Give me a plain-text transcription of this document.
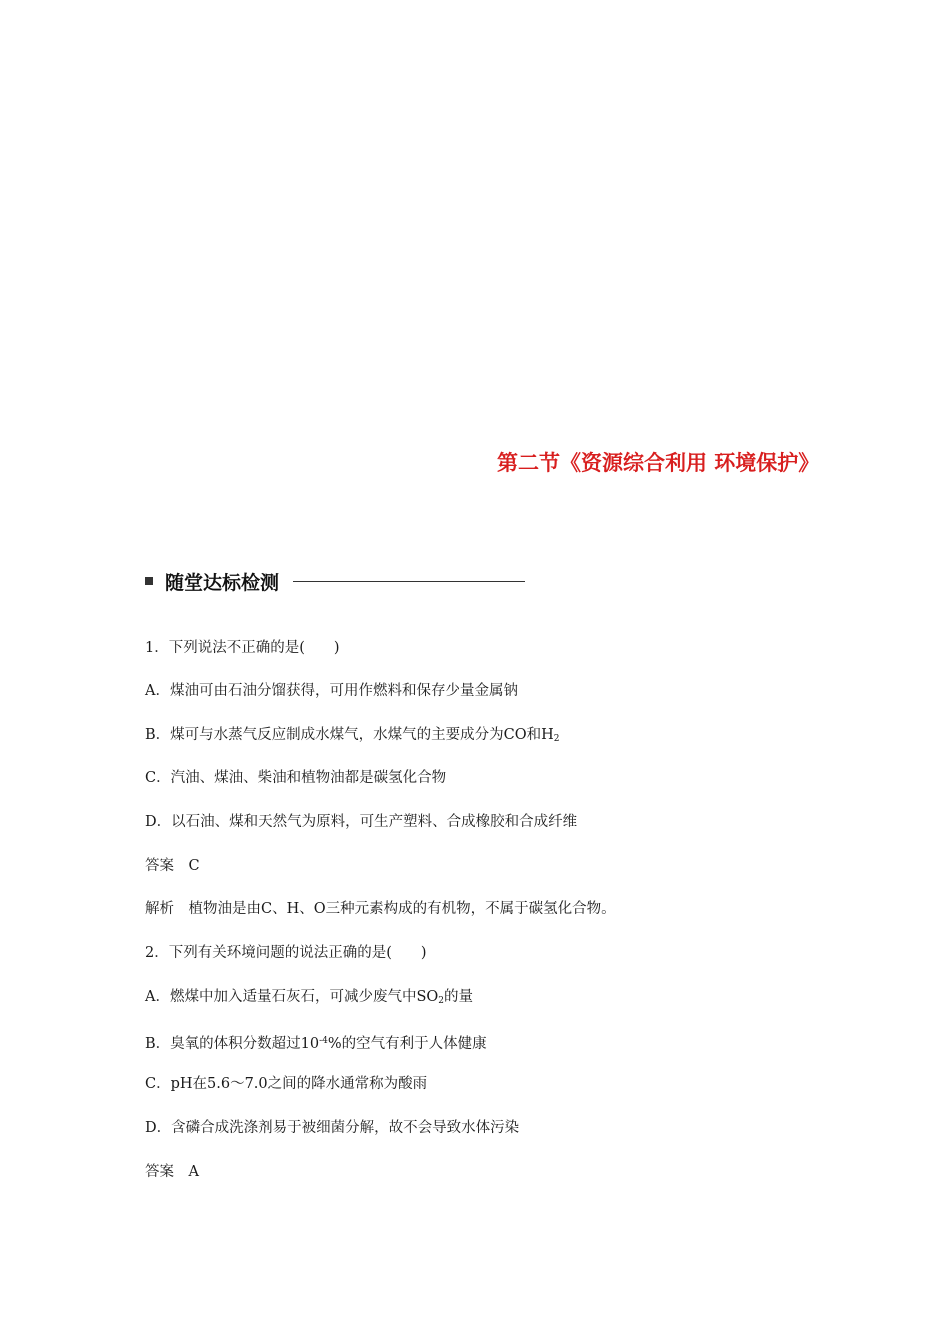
第二节《资源综合利用 环境保护》

随堂达标检测
1．下列说法不正确的是(　　)
A．煤油可由石油分馏获得，可用作燃料和保存少量金属钠
B．煤可与水蒸气反应制成水煤气，水煤气的主要成分为CO和$H_2$
C．汽油、煤油、柴油和植物油都是碳氢化合物
D．以石油、煤和天然气为原料，可生产塑料、合成橡胶和合成纤维
答案　C
解析　植物油是由C、H、O三种元素构成的有机物，不属于碳氢化合物。
2．下列有关环境问题的说法正确的是(　　)
A．燃煤中加入适量石灰石，可减少废气中$SO_2$的量
B．臭氧的体积分数超过$10^{-4}\%$的空气有利于人体健康
C．pH在5.6～7.0之间的降水通常称为酸雨
D．含磷合成洗涤剂易于被细菌分解，故不会导致水体污染
答案　A
